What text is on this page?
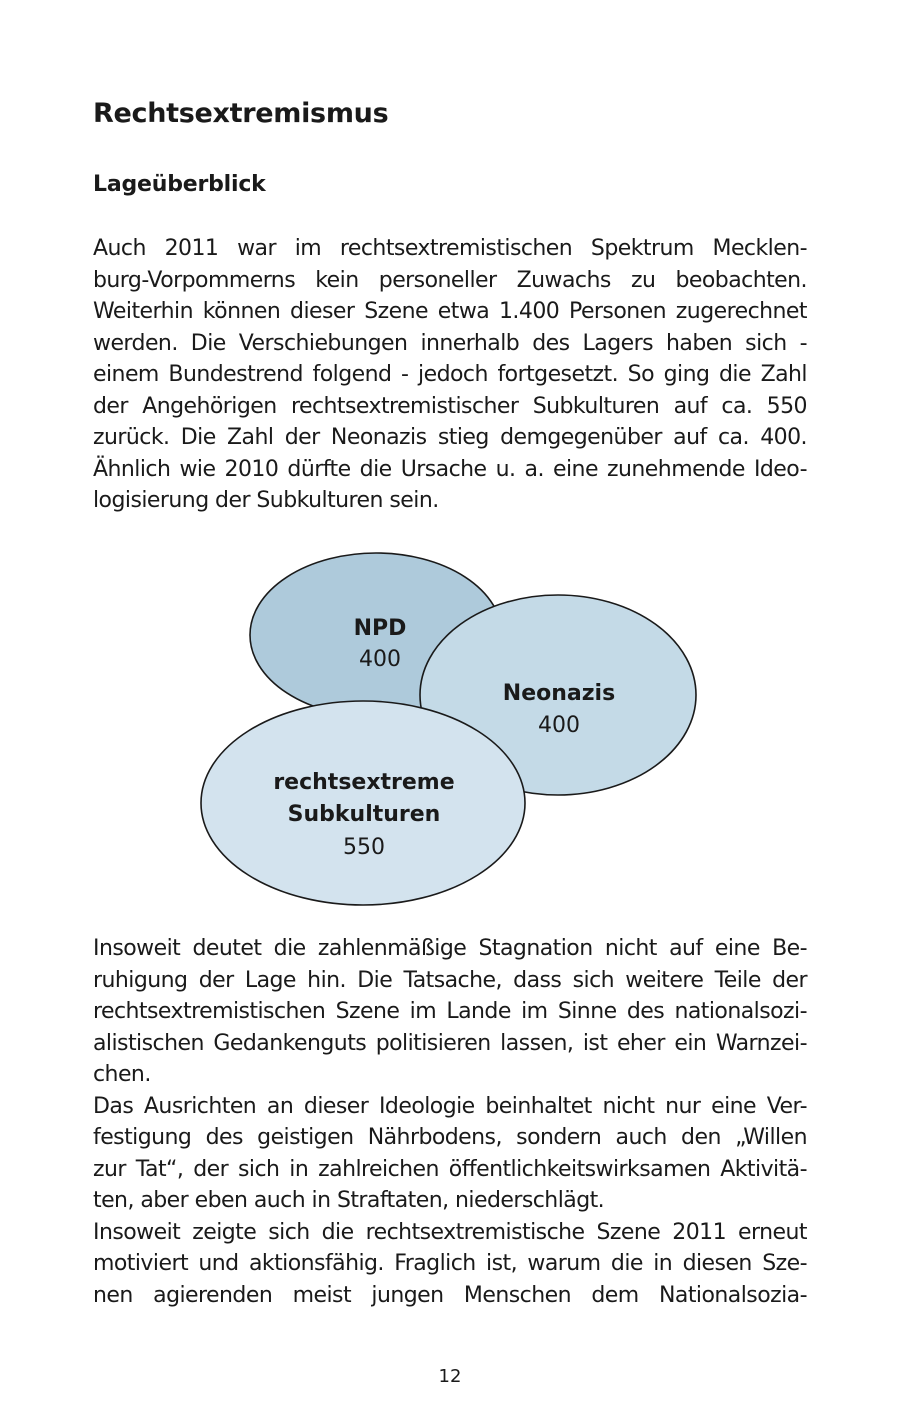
Rechtsextremismus
Lageüberblick
Auch 2011 war im rechtsextremistischen Spektrum Mecklen-
burg-Vorpommerns kein personeller Zuwachs zu beobachten.
Weiterhin können dieser Szene etwa 1.400 Personen zugerechnet
werden. Die Verschiebungen innerhalb des Lagers haben sich -
einem Bundestrend folgend - jedoch fortgesetzt. So ging die Zahl
der Angehörigen rechtsextremistischer Subkulturen auf ca. 550
zurück. Die Zahl der Neonazis stieg demgegenüber auf ca. 400.
Ähnlich wie 2010 dürfte die Ursache u. a. eine zunehmende Ideo-
logisierung der Subkulturen sein.
NPD
400
Neonazis
400
rechtsextreme
Subkulturen
550
Insoweit deutet die zahlenmäßige Stagnation nicht auf eine Be-
ruhigung der Lage hin. Die Tatsache, dass sich weitere Teile der
rechtsextremistischen Szene im Lande im Sinne des nationalsozi-
alistischen Gedankenguts politisieren lassen, ist eher ein Warnzei-
chen.
Das Ausrichten an dieser Ideologie beinhaltet nicht nur eine Ver-
festigung des geistigen Nährbodens, sondern auch den „Willen
zur Tat“, der sich in zahlreichen öffentlichkeitswirksamen Aktivitä-
ten, aber eben auch in Straftaten, niederschlägt.
Insoweit zeigte sich die rechtsextremistische Szene 2011 erneut
motiviert und aktionsfähig. Fraglich ist, warum die in diesen Sze-
nen agierenden meist jungen Menschen dem Nationalsozia-
12
